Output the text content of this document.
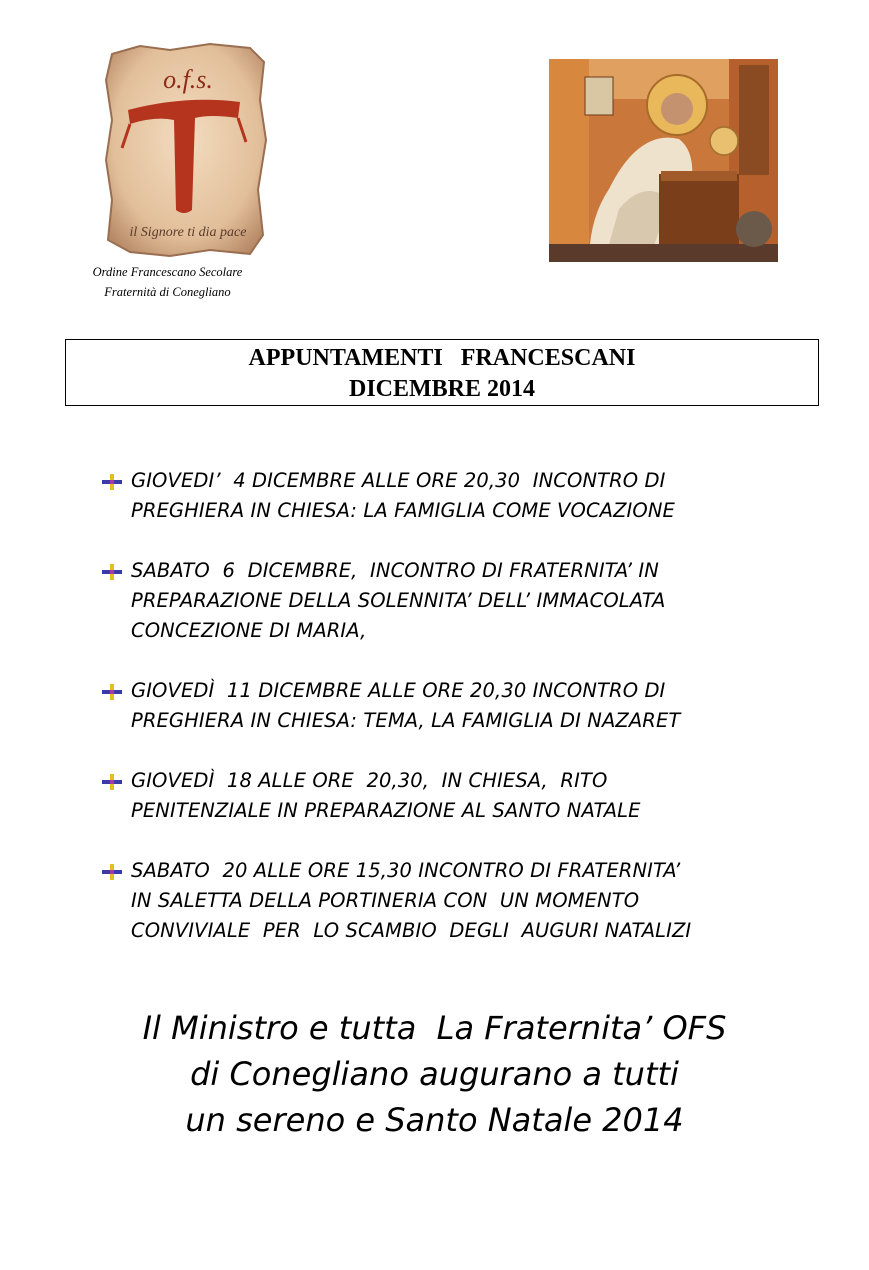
o.f.s.
il Signore ti dia pace
Ordine Francescano Secolare
Fraternità di Conegliano
APPUNTAMENTI   FRANCESCANI
DICEMBRE 2014
GIOVEDI’  4 DICEMBRE ALLE ORE 20,30  INCONTRO DI
PREGHIERA IN CHIESA: LA FAMIGLIA COME VOCAZIONE
SABATO  6  DICEMBRE,  INCONTRO DI FRATERNITA’ IN
PREPARAZIONE DELLA SOLENNITA’ DELL’ IMMACOLATA
CONCEZIONE DI MARIA,
GIOVEDÌ  11 DICEMBRE ALLE ORE 20,30 INCONTRO DI
PREGHIERA IN CHIESA: TEMA, LA FAMIGLIA DI NAZARET
GIOVEDÌ  18 ALLE ORE  20,30,  IN CHIESA,  RITO
PENITENZIALE IN PREPARAZIONE AL SANTO NATALE
SABATO  20 ALLE ORE 15,30 INCONTRO DI FRATERNITA’
IN SALETTA DELLA PORTINERIA CON  UN MOMENTO
CONVIVIALE  PER  LO SCAMBIO  DEGLI  AUGURI NATALIZI
Il Ministro e tutta  La Fraternita’ OFS
di Conegliano augurano a tutti
un sereno e Santo Natale 2014
